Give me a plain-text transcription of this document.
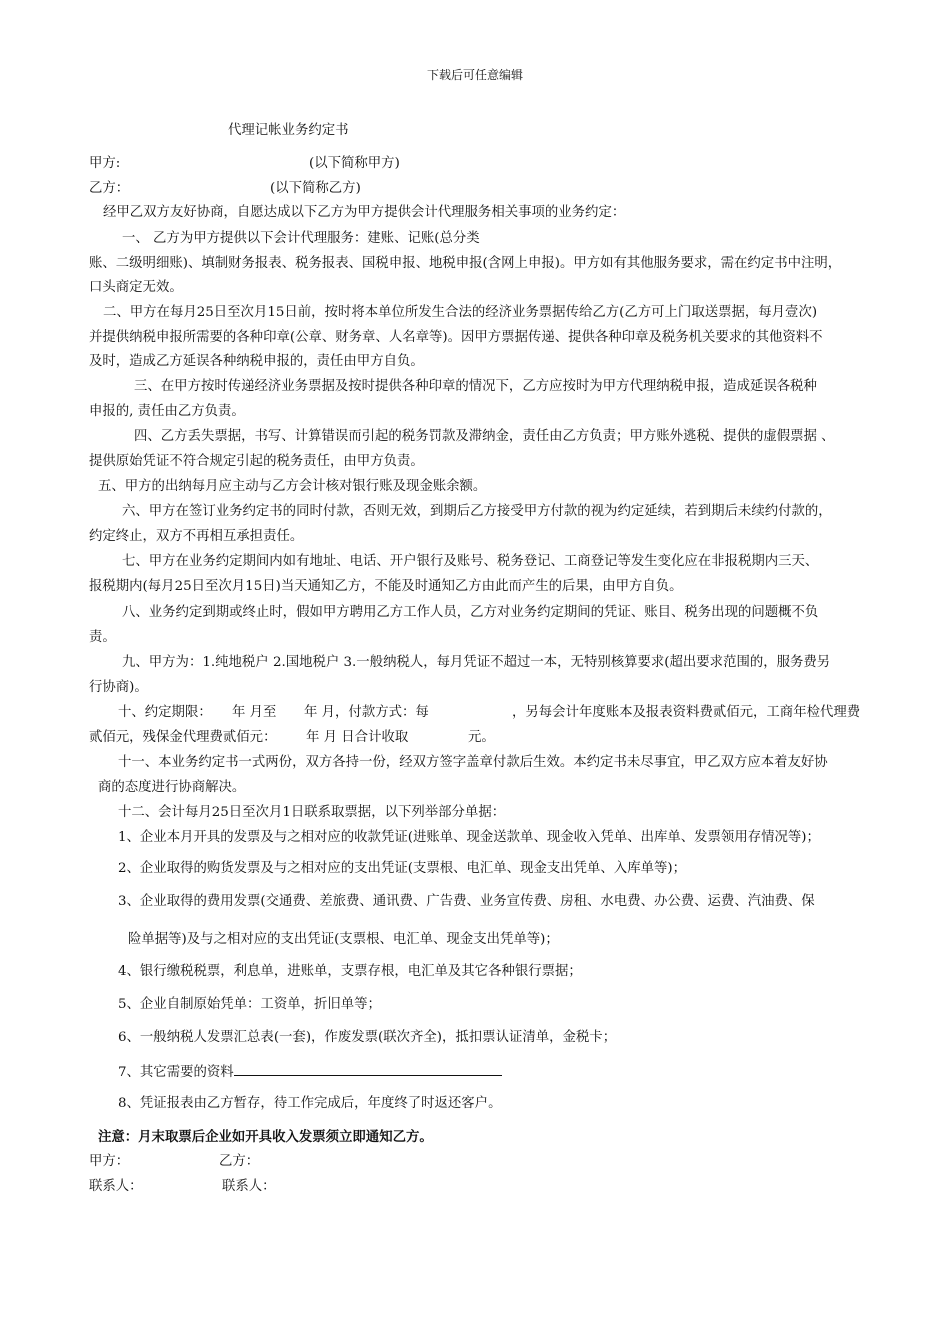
下载后可任意编辑
代理记帐业务约定书
甲方:	(以下简称甲方)
乙方：	(以下简称乙方)
经甲乙双方友好协商，自愿达成以下乙方为甲方提供会计代理服务相关事项的业务约定：
一、 乙方为甲方提供以下会计代理服务：建账、记账(总分类
账、二级明细账)、填制财务报表、税务报表、国税申报、地税申报(含网上申报)。甲方如有其他服务要求，需在约定书中注明，
口头商定无效。
二、甲方在每月25日至次月15日前，按时将本单位所发生合法的经济业务票据传给乙方(乙方可上门取送票据，每月壹次)
并提供纳税申报所需要的各种印章(公章、财务章、人名章等)。因甲方票据传递、提供各种印章及税务机关要求的其他资料不
及时，造成乙方延误各种纳税申报的，责任由甲方自负。
三、在甲方按时传递经济业务票据及按时提供各种印章的情况下，乙方应按时为甲方代理纳税申报，造成延误各税种
申报的, 责任由乙方负责。
四、乙方丢失票据，书写、计算错误而引起的税务罚款及滞纳金，责任由乙方负责；甲方账外逃税、提供的虚假票据 、
提供原始凭证不符合规定引起的税务责任，由甲方负责。
五、甲方的出纳每月应主动与乙方会计核对银行账及现金账余额。
六、甲方在签订业务约定书的同时付款，否则无效，到期后乙方接受甲方付款的视为约定延续，若到期后未续约付款的，
约定终止，双方不再相互承担责任。
七、甲方在业务约定期间内如有地址、电话、开户银行及账号、税务登记、工商登记等发生变化应在非报税期内三天、
报税期内(每月25日至次月15日)当天通知乙方，不能及时通知乙方由此而产生的后果，由甲方自负。
八、业务约定到期或终止时，假如甲方聘用乙方工作人员，乙方对业务约定期间的凭证、账目、税务出现的问题概不负
责。
九、甲方为：1.纯地税户 2.国地税户 3.一般纳税人，每月凭证不超过一本，无特别核算要求(超出要求范围的，服务费另
行协商)。
十、约定期限： 年 月至 年 月，付款方式：每	，另每会计年度账本及报表资料费贰佰元，工商年检代理费
贰佰元，残保金代理费贰佰元： 年 月 日合计收取	元。
十一、本业务约定书一式两份，双方各持一份，经双方签字盖章付款后生效。本约定书未尽事宜，甲乙双方应本着友好协
商的态度进行协商解决。
十二、会计每月25日至次月1日联系取票据，以下列举部分单据：
1、企业本月开具的发票及与之相对应的收款凭证(进账单、现金送款单、现金收入凭单、出库单、发票领用存情况等)；
2、企业取得的购货发票及与之相对应的支出凭证(支票根、电汇单、现金支出凭单、入库单等)；
3、企业取得的费用发票(交通费、差旅费、通讯费、广告费、业务宣传费、房租、水电费、办公费、运费、汽油费、保
险单据等)及与之相对应的支出凭证(支票根、电汇单、现金支出凭单等)；
4、银行缴税税票，利息单，进账单，支票存根，电汇单及其它各种银行票据；
5、企业自制原始凭单：工资单，折旧单等；
6、一般纳税人发票汇总表(一套)，作废发票(联次齐全)，抵扣票认证清单，金税卡；
7、其它需要的资料
8、凭证报表由乙方暂存，待工作完成后，年度终了时返还客户。
注意：月末取票后企业如开具收入发票须立即通知乙方。
甲方：	乙方：
联系人：	联系人：
